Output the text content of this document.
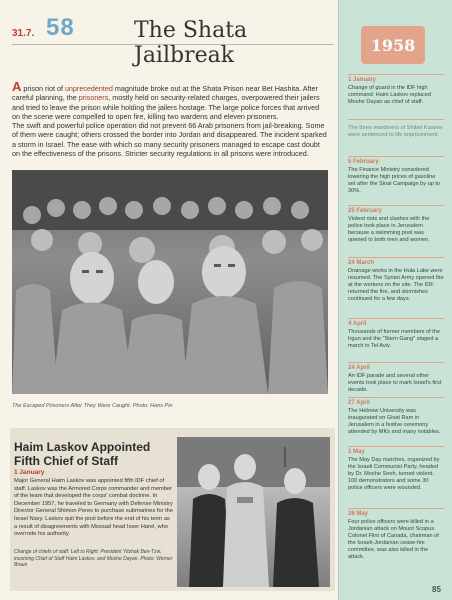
31.7. 58	The Shata Jailbreak

A prison riot of unprecedented magnitude broke out at the Shata Prison near Bet Hashita. After careful planning, the prisoners, mostly held on security-related charges, overpowered their jailers and tried to leave the prison while holding the jailers hostage. The large police forces that arrived on the scene were compelled to open fire, killing two wardens and eleven prisoners.
The swift and powerful police operation did not prevent 66 Arab prisoners from jail-breaking. Some of them were caught; others crossed the border into Jordan and disappeared. The incident sparked a storm in Israel. The ease with which so many security prisoners managed to escape cast doubt on the effectiveness of the prisons. Stricter security regulations in all prisons were introduced.

The Escaped Prisoners After They Were Caught. Photo: Hans Pin

Haim Laskov Appointed Fifth Chief of Staff

1 January

Major General Haim Laskov was appointed fifth IDF chief of staff. Laskov was the Armored Corps commander and member of the team that developed the corps' combat doctrine. In December 1957, he traveled to Germany with Defense Ministry Director General Shimon Peres to purchase submarines for the Israel Navy. Laskov quit the post before the end of his term as a result of disagreements with Mossad head Isser Harel, who overrode his authority.

Change of chiefs of staff. Left to Right: President Yitzhak Ben-Tzvi, incoming Chief of Staff Haim Laskov, and Moshe Dayan. Photo: Werner Braun

1958

1 January

Change of guard in the IDF high command: Haim Laskov replaced Moshe Dayan as chief of staff.

The three murderers of Shibel Kastner were sentenced to life imprisonment.

5 February

The Finance Ministry considered lowering the high prices of gasoline set after the Sinai Campaign by up to 30%.

25 February

Violent riots and clashes with the police took place in Jerusalem because a swimming pool was opened to both men and women.

24 March

Drainage works in the Hula Lake were resumed. The Syrian Army opened fire at the workers on the site. The IDF returned the fire, and skirmishes continued for a few days.

4 April

Thousands of former members of the Irgun and the "Stern Gang" staged a march in Tel Aviv.

24 April

An IDF parade and several other events took place to mark Israel's first decade.

27 April

The Hebrew University was inaugurated on Givat Ram in Jerusalem in a festive ceremony attended by MKs and many notables.

1 May

The May Day marches, organized by the Israeli Communist Party, headed by Dr. Moshe Sneh, turned violent. 100 demonstrators and some 30 police officers were wounded.

26 May

Four police officers were killed in a Jordanian attack on Mount Scopus. Colonel Flint of Canada, chairman of the Israeli-Jordanian cease-fire committee, was also killed in the attack.

85
